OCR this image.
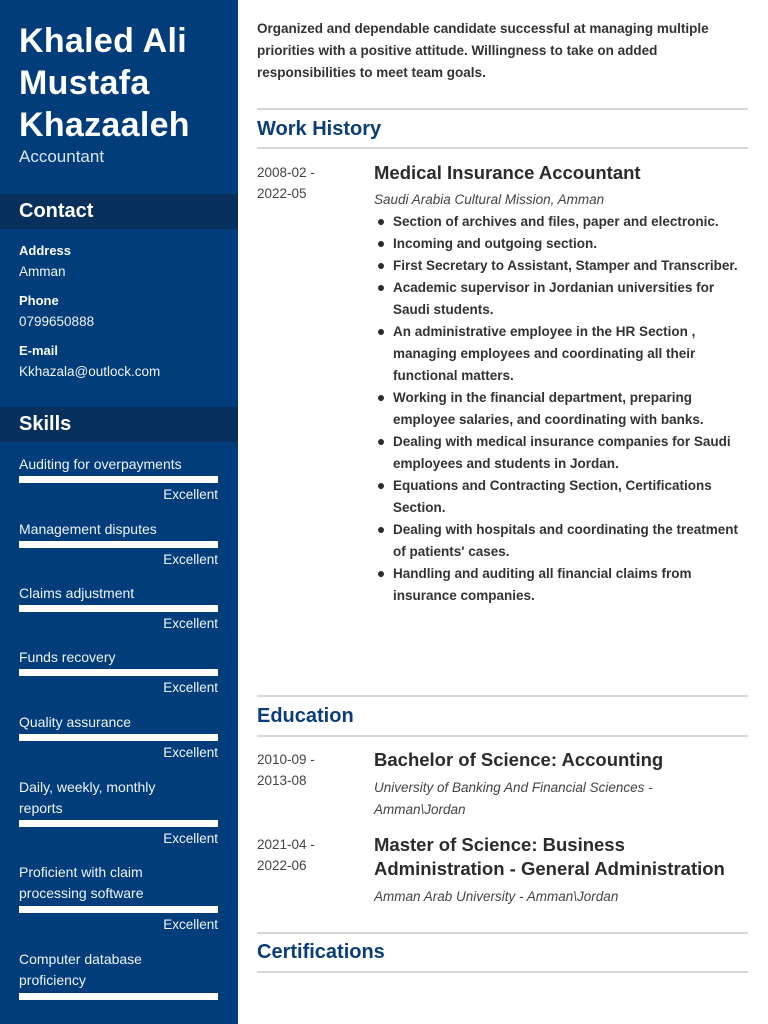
Khaled Ali Mustafa Khazaaleh
Accountant
Contact
Address
Amman
Phone
0799650888
E-mail
Kkhazala@outlock.com
Skills
Auditing for overpayments
Excellent
Management disputes
Excellent
Claims adjustment
Excellent
Funds recovery
Excellent
Quality assurance
Excellent
Daily, weekly, monthly reports
Excellent
Proficient with claim processing software
Excellent
Computer database proficiency
Organized and dependable candidate successful at managing multiple priorities with a positive attitude. Willingness to take on added responsibilities to meet team goals.
Work History
2008-02 - 2022-05
Medical Insurance Accountant
Saudi Arabia Cultural Mission, Amman
Section of archives and files, paper and electronic.
Incoming and outgoing section.
First Secretary to Assistant, Stamper and Transcriber.
Academic supervisor in Jordanian universities for Saudi students.
An administrative employee in the HR Section , managing employees and coordinating all their functional matters.
Working in the financial department, preparing employee salaries, and coordinating with banks.
Dealing with medical insurance companies for Saudi employees and students in Jordan.
Equations and Contracting Section, Certifications Section.
Dealing with hospitals and coordinating the treatment of patients' cases.
Handling and auditing all financial claims from insurance companies.
Education
2010-09 - 2013-08
Bachelor of Science: Accounting
University of Banking And Financial Sciences - Amman\Jordan
2021-04 - 2022-06
Master of Science: Business Administration - General Administration
Amman Arab University - Amman\Jordan
Certifications
